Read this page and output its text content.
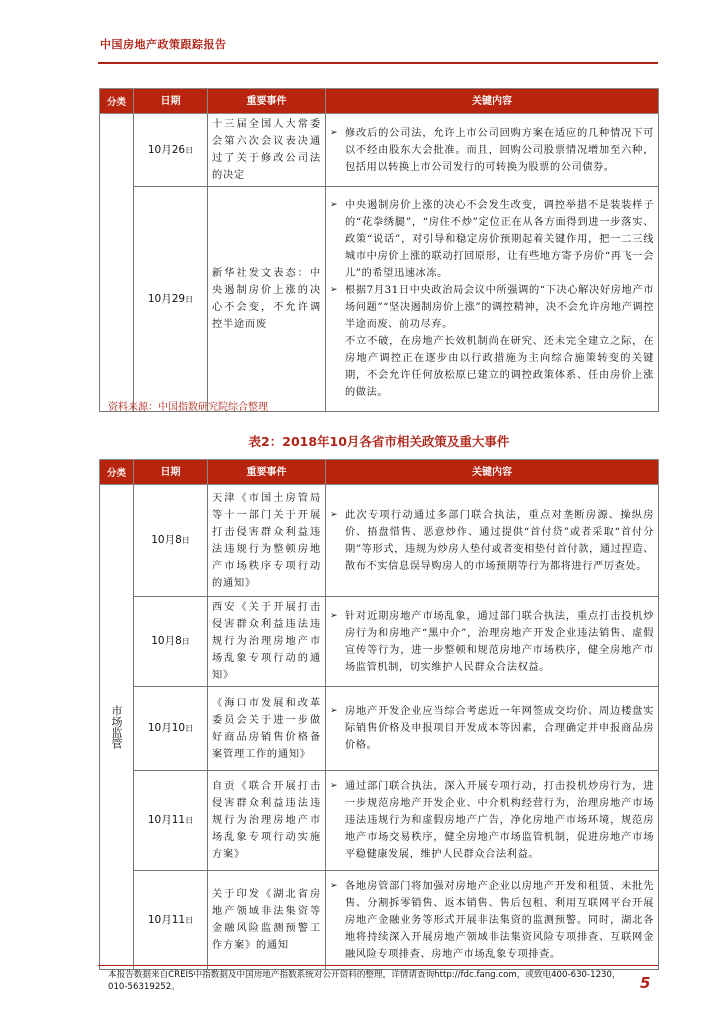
中国房地产政策跟踪报告
分类	日期	重要事件	关键内容
	10月26日	十三届全国人大常委会第六次会议表决通过了关于修改公司法的决定	➢ 修改后的公司法，允许上市公司回购方案在适应的几种情况下可以不经由股东大会批准。而且，回购公司股票情况增加至六种，包括用以转换上市公司发行的可转换为股票的公司债券。

	10月29日	新华社发文表态：中央遏制房价上涨的决心不会变，不允许调控半途而废	➢ 中央遏制房价上涨的决心不会发生改变，调控举措不是装装样子的“花拳绣腿”，“房住不炒”定位正在从各方面得到进一步落实、政策“说话”，对引导和稳定房价预期起着关键作用，把一二三线城市中房价上涨的联动打回原形，让有些地方寄予房价“再飞一会儿”的希望迅速冰冻。
➢ 根据7月31日中央政治局会议中所强调的“下决心解决好房地产市场问题”“坚决遏制房价上涨”的调控精神，决不会允许房地产调控半途而废、前功尽弃。
不立不破，在房地产长效机制尚在研究、还未完全建立之际，在房地产调控正在逐步由以行政措施为主向综合施策转变的关键期，不会允许任何放松原已建立的调控政策体系、任由房价上涨的做法。
资料来源：中国指数研究院综合整理
表2：2018年10月各省市相关政策及重大事件
分类	日期	重要事件	关键内容

市场监管	10月8日	天津《市国土房管局等十一部门关于开展打击侵害群众利益违法违规行为整顿房地产市场秩序专项行动的通知》	➢ 此次专项行动通过多部门联合执法，重点对垄断房源、操纵房价、捂盘惜售、恶意炒作、通过提供“首付贷”或者采取“首付分期”等形式，违规为炒房人垫付或者变相垫付首付款，通过捏造、散布不实信息误导购房人的市场预期等行为都将进行严厉查处。

	10月8日	西安《关于开展打击侵害群众利益违法违规行为治理房地产市场乱象专项行动的通知》	➢ 针对近期房地产市场乱象，通过部门联合执法，重点打击投机炒房行为和房地产“黑中介”，治理房地产开发企业违法销售、虚假宣传等行为，进一步整顿和规范房地产市场秩序，健全房地产市场监管机制，切实维护人民群众合法权益。

	10月10日	《海口市发展和改革委员会关于进一步做好商品房销售价格备案管理工作的通知》	➢ 房地产开发企业应当综合考虑近一年网签成交均价、周边楼盘实际销售价格及申报项目开发成本等因素，合理确定并申报商品房价格。

	10月11日	自贡《联合开展打击侵害群众利益违法违规行为治理房地产市场乱象专项行动实施方案》	➢ 通过部门联合执法，深入开展专项行动，打击投机炒房行为，进一步规范房地产开发企业、中介机构经营行为，治理房地产市场违法违规行为和虚假房地产广告，净化房地产市场环境，规范房地产市场交易秩序，健全房地产市场监管机制，促进房地产市场平稳健康发展，维护人民群众合法利益。

	10月11日	关于印发《湖北省房地产领域非法集资等金融风险监测预警工作方案》的通知	➢ 各地房管部门将加强对房地产企业以房地产开发和租赁、未批先售、分割拆零销售、返本销售、售后包租、利用互联网平台开展房地产金融业务等形式开展非法集资的监测预警。同时，湖北各地将持续深入开展房地产领域非法集资风险专项排查、互联网金融风险专项排查、房地产市场乱象专项排查。
本报告数据来自CREIS中指数据及中国房地产指数系统对公开资料的整理，详情请查询http://fdc.fang.com，或致电400-630-1230，010-56319252。	5
